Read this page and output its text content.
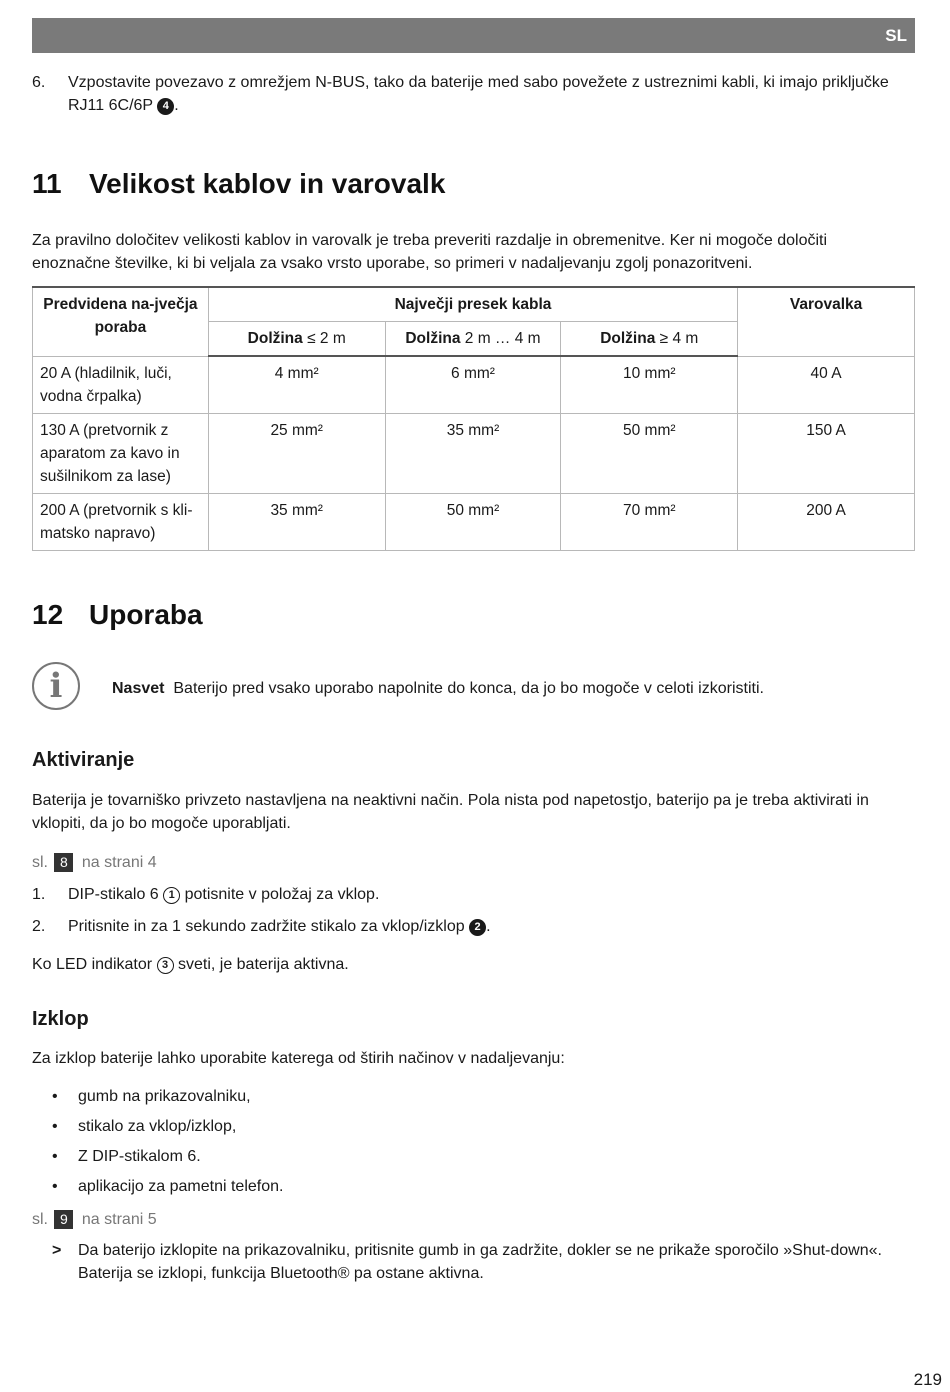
SL
6. Vzpostavite povezavo z omrežjem N-BUS, tako da baterije med sabo povežete z ustreznimi kabli, ki imajo priključke RJ11 6C/6P 4 .
11 Velikost kablov in varovalk

Za pravilno določitev velikosti kablov in varovalk je treba preveriti razdalje in obremenitve. Ker ni mogoče določiti enoznačne številke, ki bi veljala za vsako vrsto uporabe, so primeri v nadaljevanju zgolj ponazoritveni.

Predvidena na-jvečja poraba	Največji presek kabla			Varovalka
	Dolžina ≤ 2 m	Dolžina 2 m … 4 m	Dolžina ≥ 4 m	
20 A (hladilnik, luči, vodna črpalka)	4 mm²	6 mm²	10 mm²	40 A
130 A (pretvornik z aparatom za kavo in sušilnikom za lase)	25 mm²	35 mm²	50 mm²	150 A
200 A (pretvornik s kli-matsko napravo)	35 mm²	50 mm²	70 mm²	200 A
12 Uporaba
i	Nasvet Baterijo pred vsako uporabo napolnite do konca, da jo bo mogoče v celoti izkoristiti.

Aktiviranje

Baterija je tovarniško privzeto nastavljena na neaktivni način. Pola nista pod napetostjo, baterijo pa je treba aktivirati in vklopiti, da jo bo mogoče uporabljati.

sl. 8 na strani 4

1. DIP-stikalo 6 1 potisnite v položaj za vklop.
2. Pritisnite in za 1 sekundo zadržite stikalo za vklop/izklop 2 .

Ko LED indikator 3 sveti, je baterija aktivna.

Izklop

Za izklop baterije lahko uporabite katerega od štirih načinov v nadaljevanju:

• gumb na prikazovalniku,
• stikalo za vklop/izklop,
• Z DIP-stikalom 6.
• aplikacijo za pametni telefon.

sl. 9 na strani 5

> Da baterijo izklopite na prikazovalniku, pritisnite gumb in ga zadržite, dokler se ne prikaže sporočilo »Shut-down«. Baterija se izklopi, funkcija Bluetooth® pa ostane aktivna.
219
